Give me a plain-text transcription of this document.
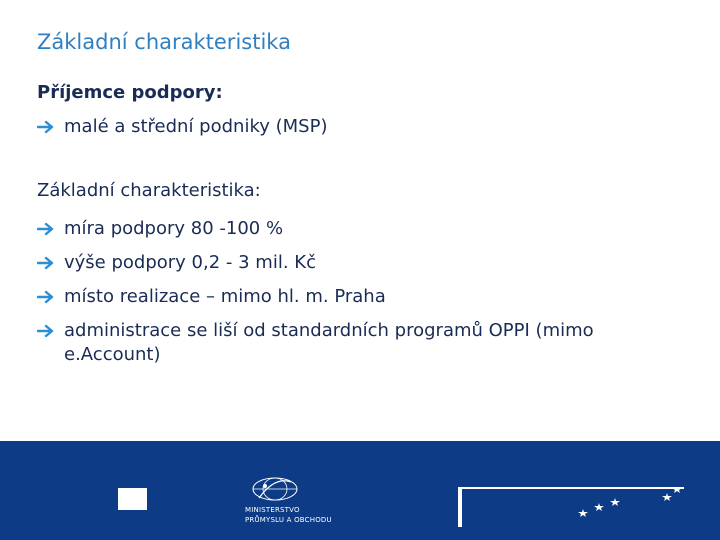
Základní charakteristika

Příjemce podpory:

malé a střední podniky (MSP)

Základní charakteristika:

míra podpory 80 -100 %
výše podpory 0,2 - 3 mil. Kč
místo realizace – mimo hl. m. Praha
administrace se liší od standardních programů OPPI (mimo e.Account)
MINISTERSTVO
PRŮMYSLU A OBCHODU
